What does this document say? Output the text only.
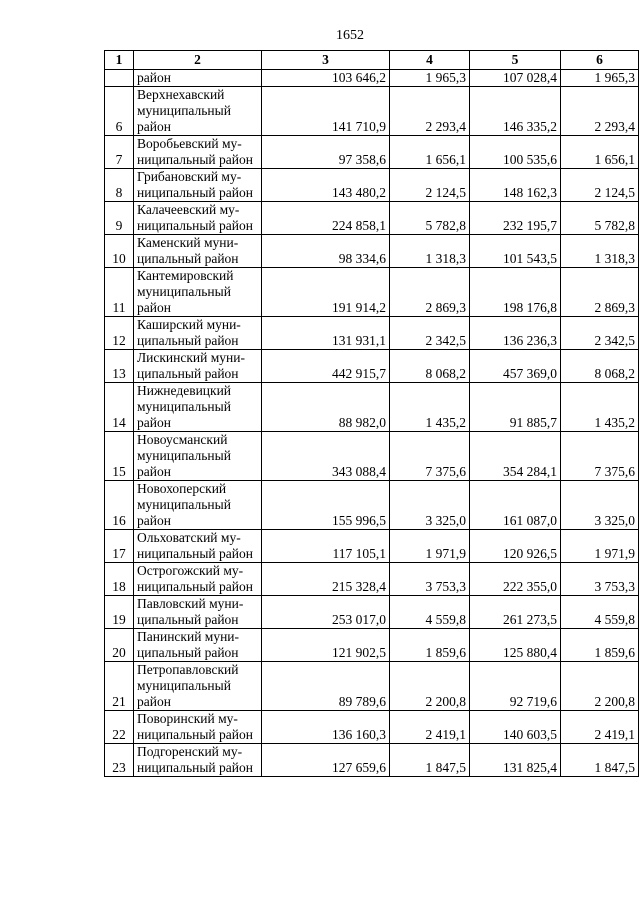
1652
1	2	3	4	5	6

	район	103 646,2	1 965,3	107 028,4	1 965,3
6	Верхнехавский
муниципальный
район	141 710,9	2 293,4	146 335,2	2 293,4
7	Воробьевский му-
ниципальный район	97 358,6	1 656,1	100 535,6	1 656,1
8	Грибановский му-
ниципальный район	143 480,2	2 124,5	148 162,3	2 124,5
9	Калачеевский му-
ниципальный район	224 858,1	5 782,8	232 195,7	5 782,8
10	Каменский муни-
ципальный район	98 334,6	1 318,3	101 543,5	1 318,3
11	Кантемировский
муниципальный
район	191 914,2	2 869,3	198 176,8	2 869,3
12	Каширский муни-
ципальный район	131 931,1	2 342,5	136 236,3	2 342,5
13	Лискинский муни-
ципальный район	442 915,7	8 068,2	457 369,0	8 068,2
14	Нижнедевицкий
муниципальный
район	88 982,0	1 435,2	91 885,7	1 435,2
15	Новоусманский
муниципальный
район	343 088,4	7 375,6	354 284,1	7 375,6
16	Новохоперский
муниципальный
район	155 996,5	3 325,0	161 087,0	3 325,0
17	Ольховатский му-
ниципальный район	117 105,1	1 971,9	120 926,5	1 971,9
18	Острогожский му-
ниципальный район	215 328,4	3 753,3	222 355,0	3 753,3
19	Павловский муни-
ципальный район	253 017,0	4 559,8	261 273,5	4 559,8
20	Панинский муни-
ципальный район	121 902,5	1 859,6	125 880,4	1 859,6
21	Петропавловский
муниципальный
район	89 789,6	2 200,8	92 719,6	2 200,8
22	Поворинский му-
ниципальный район	136 160,3	2 419,1	140 603,5	2 419,1
23	Подгоренский му-
ниципальный район	127 659,6	1 847,5	131 825,4	1 847,5
